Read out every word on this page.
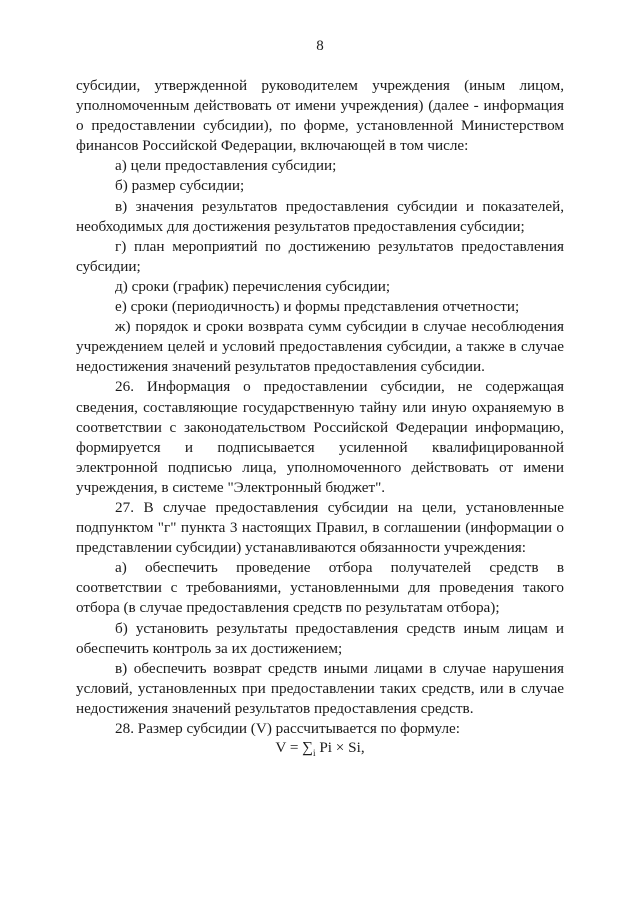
8

субсидии, утвержденной руководителем учреждения (иным лицом, уполномоченным действовать от имени учреждения) (далее - информация о предоставлении субсидии), по форме, установленной Министерством финансов Российской Федерации, включающей в том числе:

а) цели предоставления субсидии;

б) размер субсидии;

в) значения результатов предоставления субсидии и показателей, необходимых для достижения результатов предоставления субсидии;

г) план мероприятий по достижению результатов предоставления субсидии;

д) сроки (график) перечисления субсидии;

е) сроки (периодичность) и формы представления отчетности;

ж) порядок и сроки возврата сумм субсидии в случае несоблюдения учреждением целей и условий предоставления субсидии, а также в случае недостижения значений результатов предоставления субсидии.

26. Информация о предоставлении субсидии, не содержащая сведения, составляющие государственную тайну или иную охраняемую в соответствии с законодательством Российской Федерации информацию, формируется и подписывается усиленной квалифицированной электронной подписью лица, уполномоченного действовать от имени учреждения, в системе "Электронный бюджет".

27. В случае предоставления субсидии на цели, установленные подпунктом "г" пункта 3 настоящих Правил, в соглашении (информации о представлении субсидии) устанавливаются обязанности учреждения:

а) обеспечить проведение отбора получателей средств в соответствии с требованиями, установленными для проведения такого отбора (в случае предоставления средств по результатам отбора);

б) установить результаты предоставления средств иным лицам и обеспечить контроль за их достижением;

в) обеспечить возврат средств иными лицами в случае нарушения условий, установленных при предоставлении таких средств, или в случае недостижения значений результатов предоставления средств.

28. Размер субсидии (V) рассчитывается по формуле:

$V = \sum_i$ Pi × Si,
